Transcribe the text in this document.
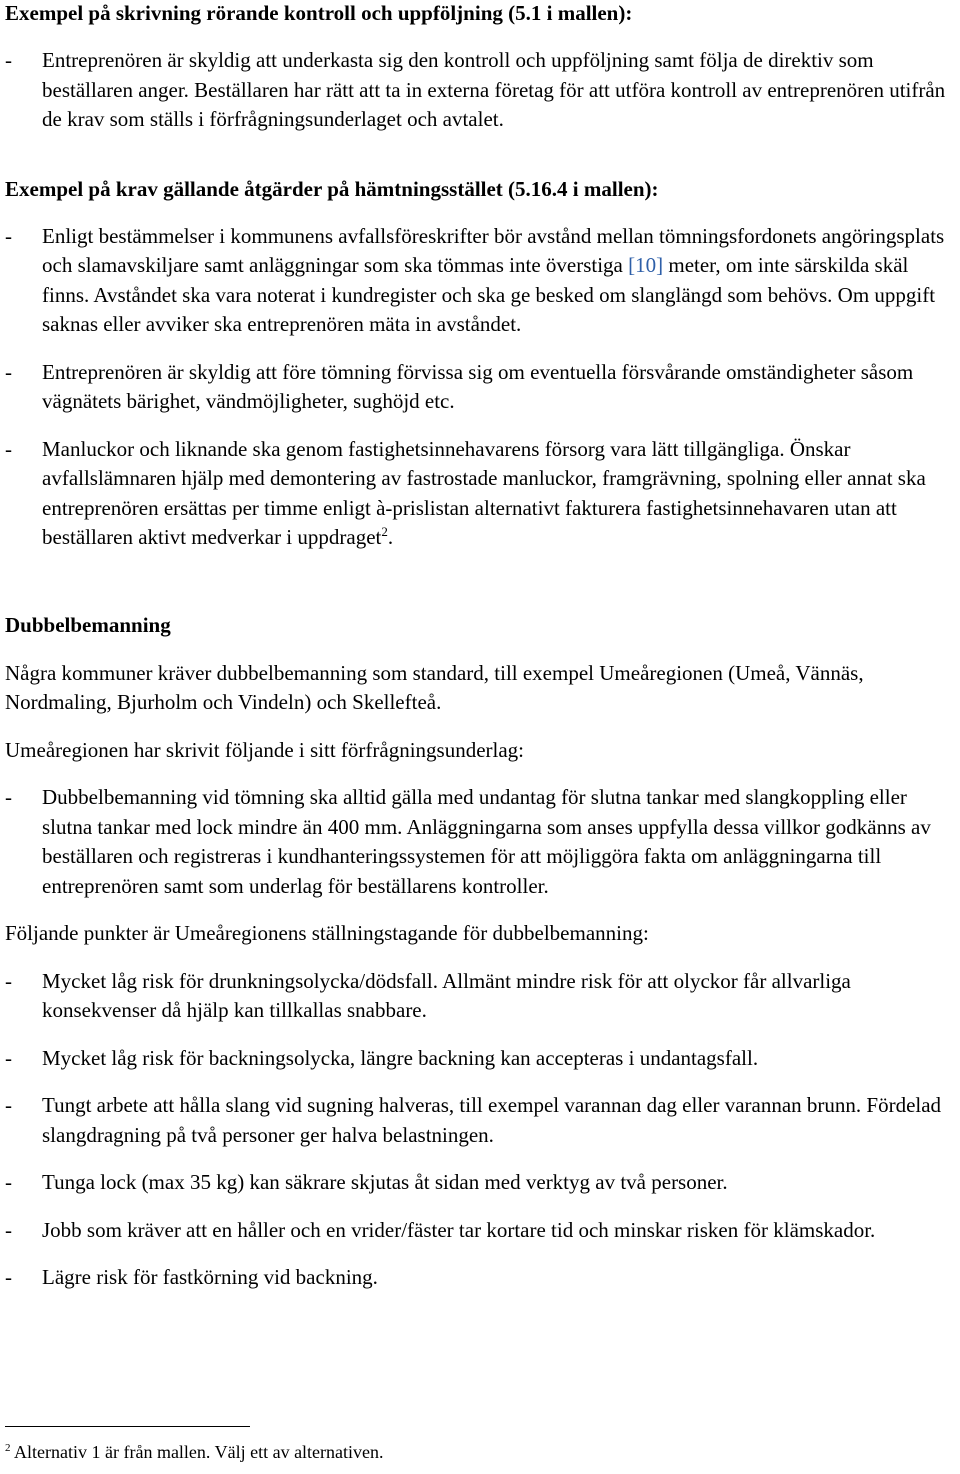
Exempel på skrivning rörande kontroll och uppföljning (5.1 i mallen):

-	Entreprenören är skyldig att underkasta sig den kontroll och uppföljning samt följa de direktiv som beställaren anger. Beställaren har rätt att ta in externa företag för att utföra kontroll av entreprenören utifrån de krav som ställs i förfrågningsunderlaget och avtalet.

Exempel på krav gällande åtgärder på hämtningsstället (5.16.4 i mallen):

-	Enligt bestämmelser i kommunens avfallsföreskrifter bör avstånd mellan tömningsfordonets angöringsplats och slamavskiljare samt anläggningar som ska tömmas inte överstiga [10] meter, om inte särskilda skäl finns. Avståndet ska vara noterat i kundregister och ska ge besked om slanglängd som behövs. Om uppgift saknas eller avviker ska entreprenören mäta in avståndet.
-	Entreprenören är skyldig att före tömning förvissa sig om eventuella försvårande omständigheter såsom vägnätets bärighet, vändmöjligheter, sughöjd etc.
-	Manluckor och liknande ska genom fastighetsinnehavarens försorg vara lätt tillgängliga. Önskar avfallslämnaren hjälp med demontering av fastrostade manluckor, framgrävning, spolning eller annat ska entreprenören ersättas per timme enligt à-prislistan alternativt fakturera fastighetsinnehavaren utan att beställaren aktivt medverkar i uppdraget$^2$.

Dubbelbemanning

Några kommuner kräver dubbelbemanning som standard, till exempel Umeåregionen (Umeå, Vännäs, Nordmaling, Bjurholm och Vindeln) och Skellefteå.

Umeåregionen har skrivit följande i sitt förfrågningsunderlag:

-	Dubbelbemanning vid tömning ska alltid gälla med undantag för slutna tankar med slangkoppling eller slutna tankar med lock mindre än 400 mm. Anläggningarna som anses uppfylla dessa villkor godkänns av beställaren och registreras i kundhanteringssystemen för att möjliggöra fakta om anläggningarna till entreprenören samt som underlag för beställarens kontroller.

Följande punkter är Umeåregionens ställningstagande för dubbelbemanning:

-	Mycket låg risk för drunkningsolycka/dödsfall. Allmänt mindre risk för att olyckor får allvarliga konsekvenser då hjälp kan tillkallas snabbare.
-	Mycket låg risk för backningsolycka, längre backning kan accepteras i undantagsfall.
-	Tungt arbete att hålla slang vid sugning halveras, till exempel varannan dag eller varannan brunn. Fördelad slangdragning på två personer ger halva belastningen.
-	Tunga lock (max 35 kg) kan säkrare skjutas åt sidan med verktyg av två personer.
-	Jobb som kräver att en håller och en vrider/fäster tar kortare tid och minskar risken för klämskador.
-	Lägre risk för fastkörning vid backning.
$^2$ Alternativ 1 är från mallen. Välj ett av alternativen.
